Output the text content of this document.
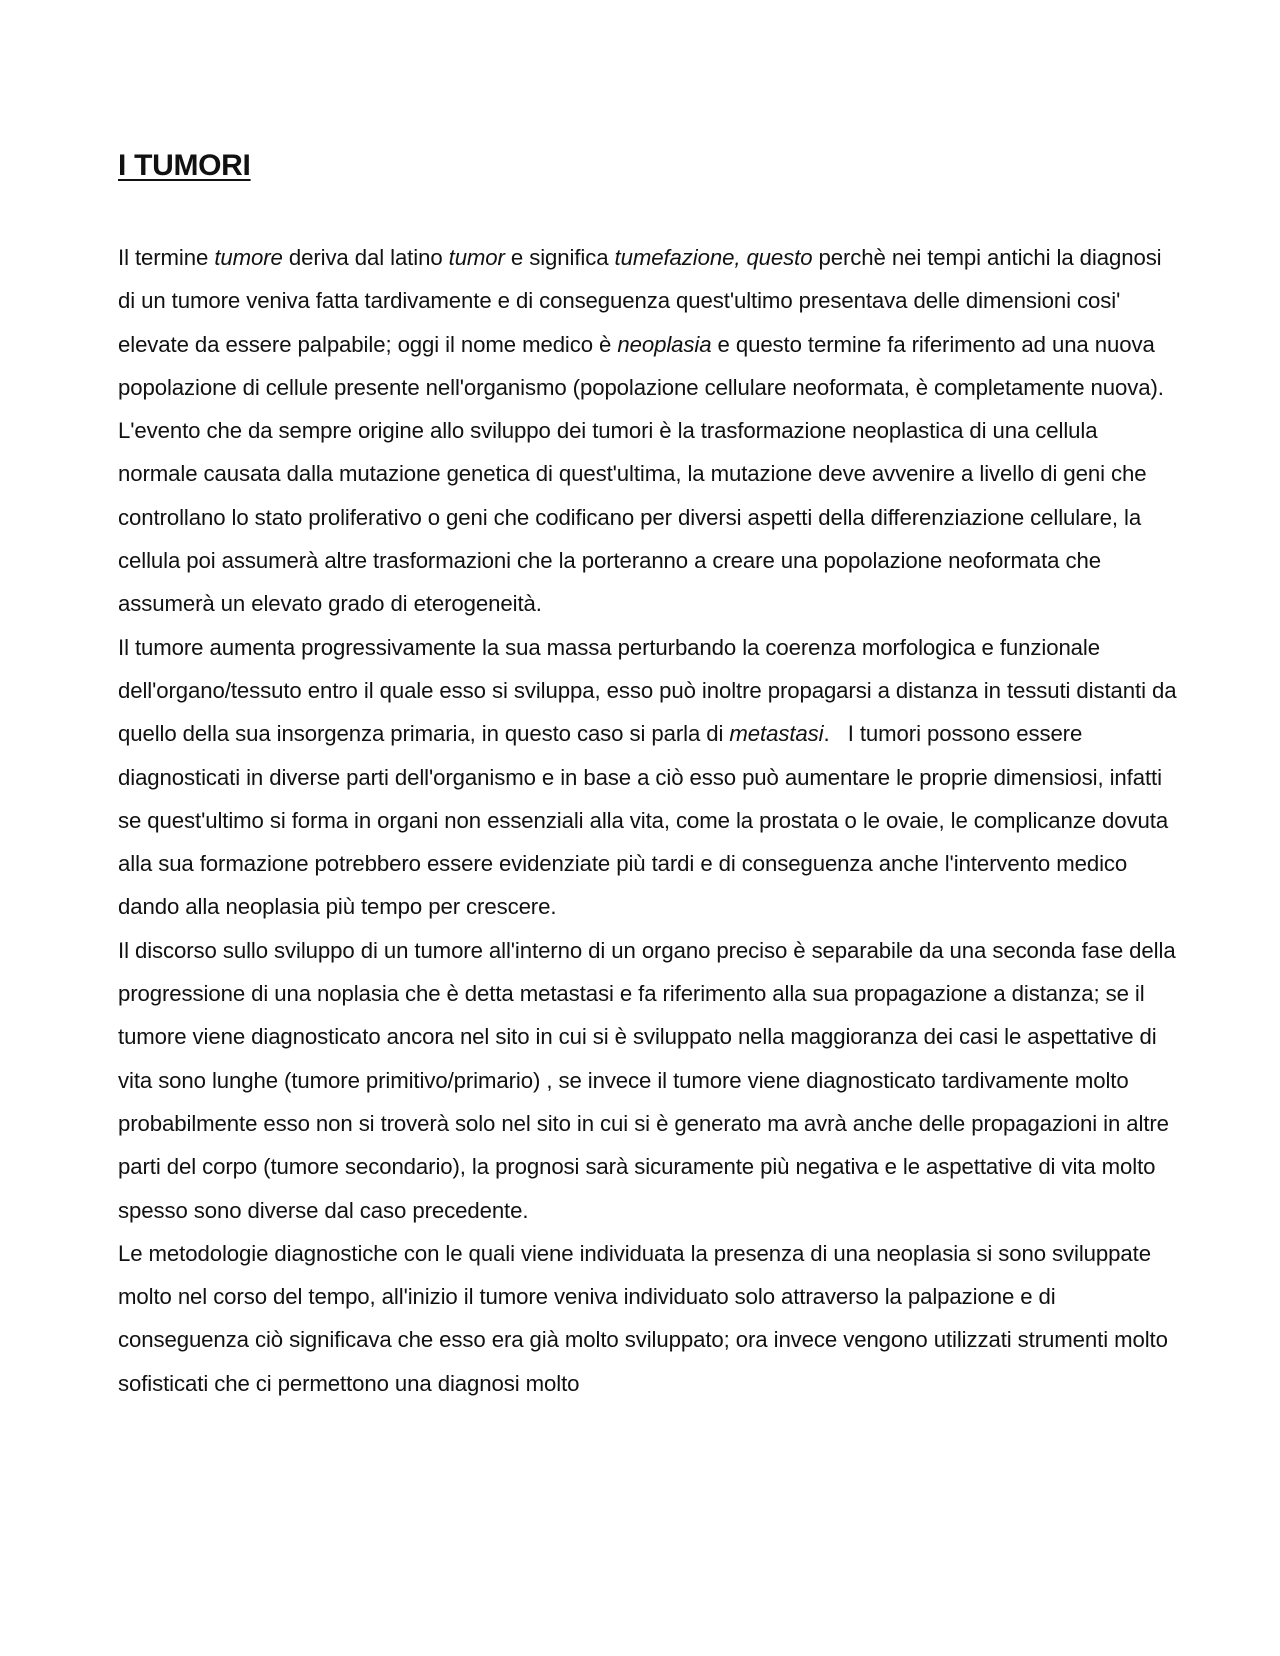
I TUMORI

Il termine tumore deriva dal latino tumor e significa tumefazione, questo perchè nei tempi antichi la diagnosi di un tumore veniva fatta tardivamente e di conseguenza quest'ultimo presentava delle dimensioni cosi' elevate da essere palpabile; oggi il nome medico è neoplasia e questo termine fa riferimento ad una nuova popolazione di cellule presente nell'organismo (popolazione cellulare neoformata, è completamente nuova). L'evento che da sempre origine allo sviluppo dei tumori è la trasformazione neoplastica di una cellula normale causata dalla mutazione genetica di quest'ultima, la mutazione deve avvenire a livello di geni che controllano lo stato proliferativo o geni che codificano per diversi aspetti della differenziazione cellulare, la cellula poi assumerà altre trasformazioni che la porteranno a creare una popolazione neoformata che assumerà un elevato grado di eterogeneità.

Il tumore aumenta progressivamente la sua massa perturbando la coerenza morfologica e funzionale dell'organo/tessuto entro il quale esso si sviluppa, esso può inoltre propagarsi a distanza in tessuti distanti da quello della sua insorgenza primaria, in questo caso si parla di metastasi.   I tumori possono essere diagnosticati in diverse parti dell'organismo e in base a ciò esso può aumentare le proprie dimensiosi, infatti se quest'ultimo si forma in organi non essenziali alla vita, come la prostata o le ovaie, le complicanze dovuta alla sua formazione potrebbero essere evidenziate più tardi e di conseguenza anche l'intervento medico dando alla neoplasia più tempo per crescere.

Il discorso sullo sviluppo di un tumore all'interno di un organo preciso è separabile da una seconda fase della progressione di una noplasia che è detta metastasi e fa riferimento alla sua propagazione a distanza; se il tumore viene diagnosticato ancora nel sito in cui si è sviluppato nella maggioranza dei casi le aspettative di vita sono lunghe (tumore primitivo/primario) , se invece il tumore viene diagnosticato tardivamente molto probabilmente esso non si troverà solo nel sito in cui si è generato ma avrà anche delle propagazioni in altre parti del corpo (tumore secondario), la prognosi sarà sicuramente più negativa e le aspettative di vita molto spesso sono diverse dal caso precedente.

Le metodologie diagnostiche con le quali viene individuata la presenza di una neoplasia si sono sviluppate molto nel corso del tempo, all'inizio il tumore veniva individuato solo attraverso la palpazione e di conseguenza ciò significava che esso era già molto sviluppato; ora invece vengono utilizzati strumenti molto sofisticati che ci permettono una diagnosi molto
